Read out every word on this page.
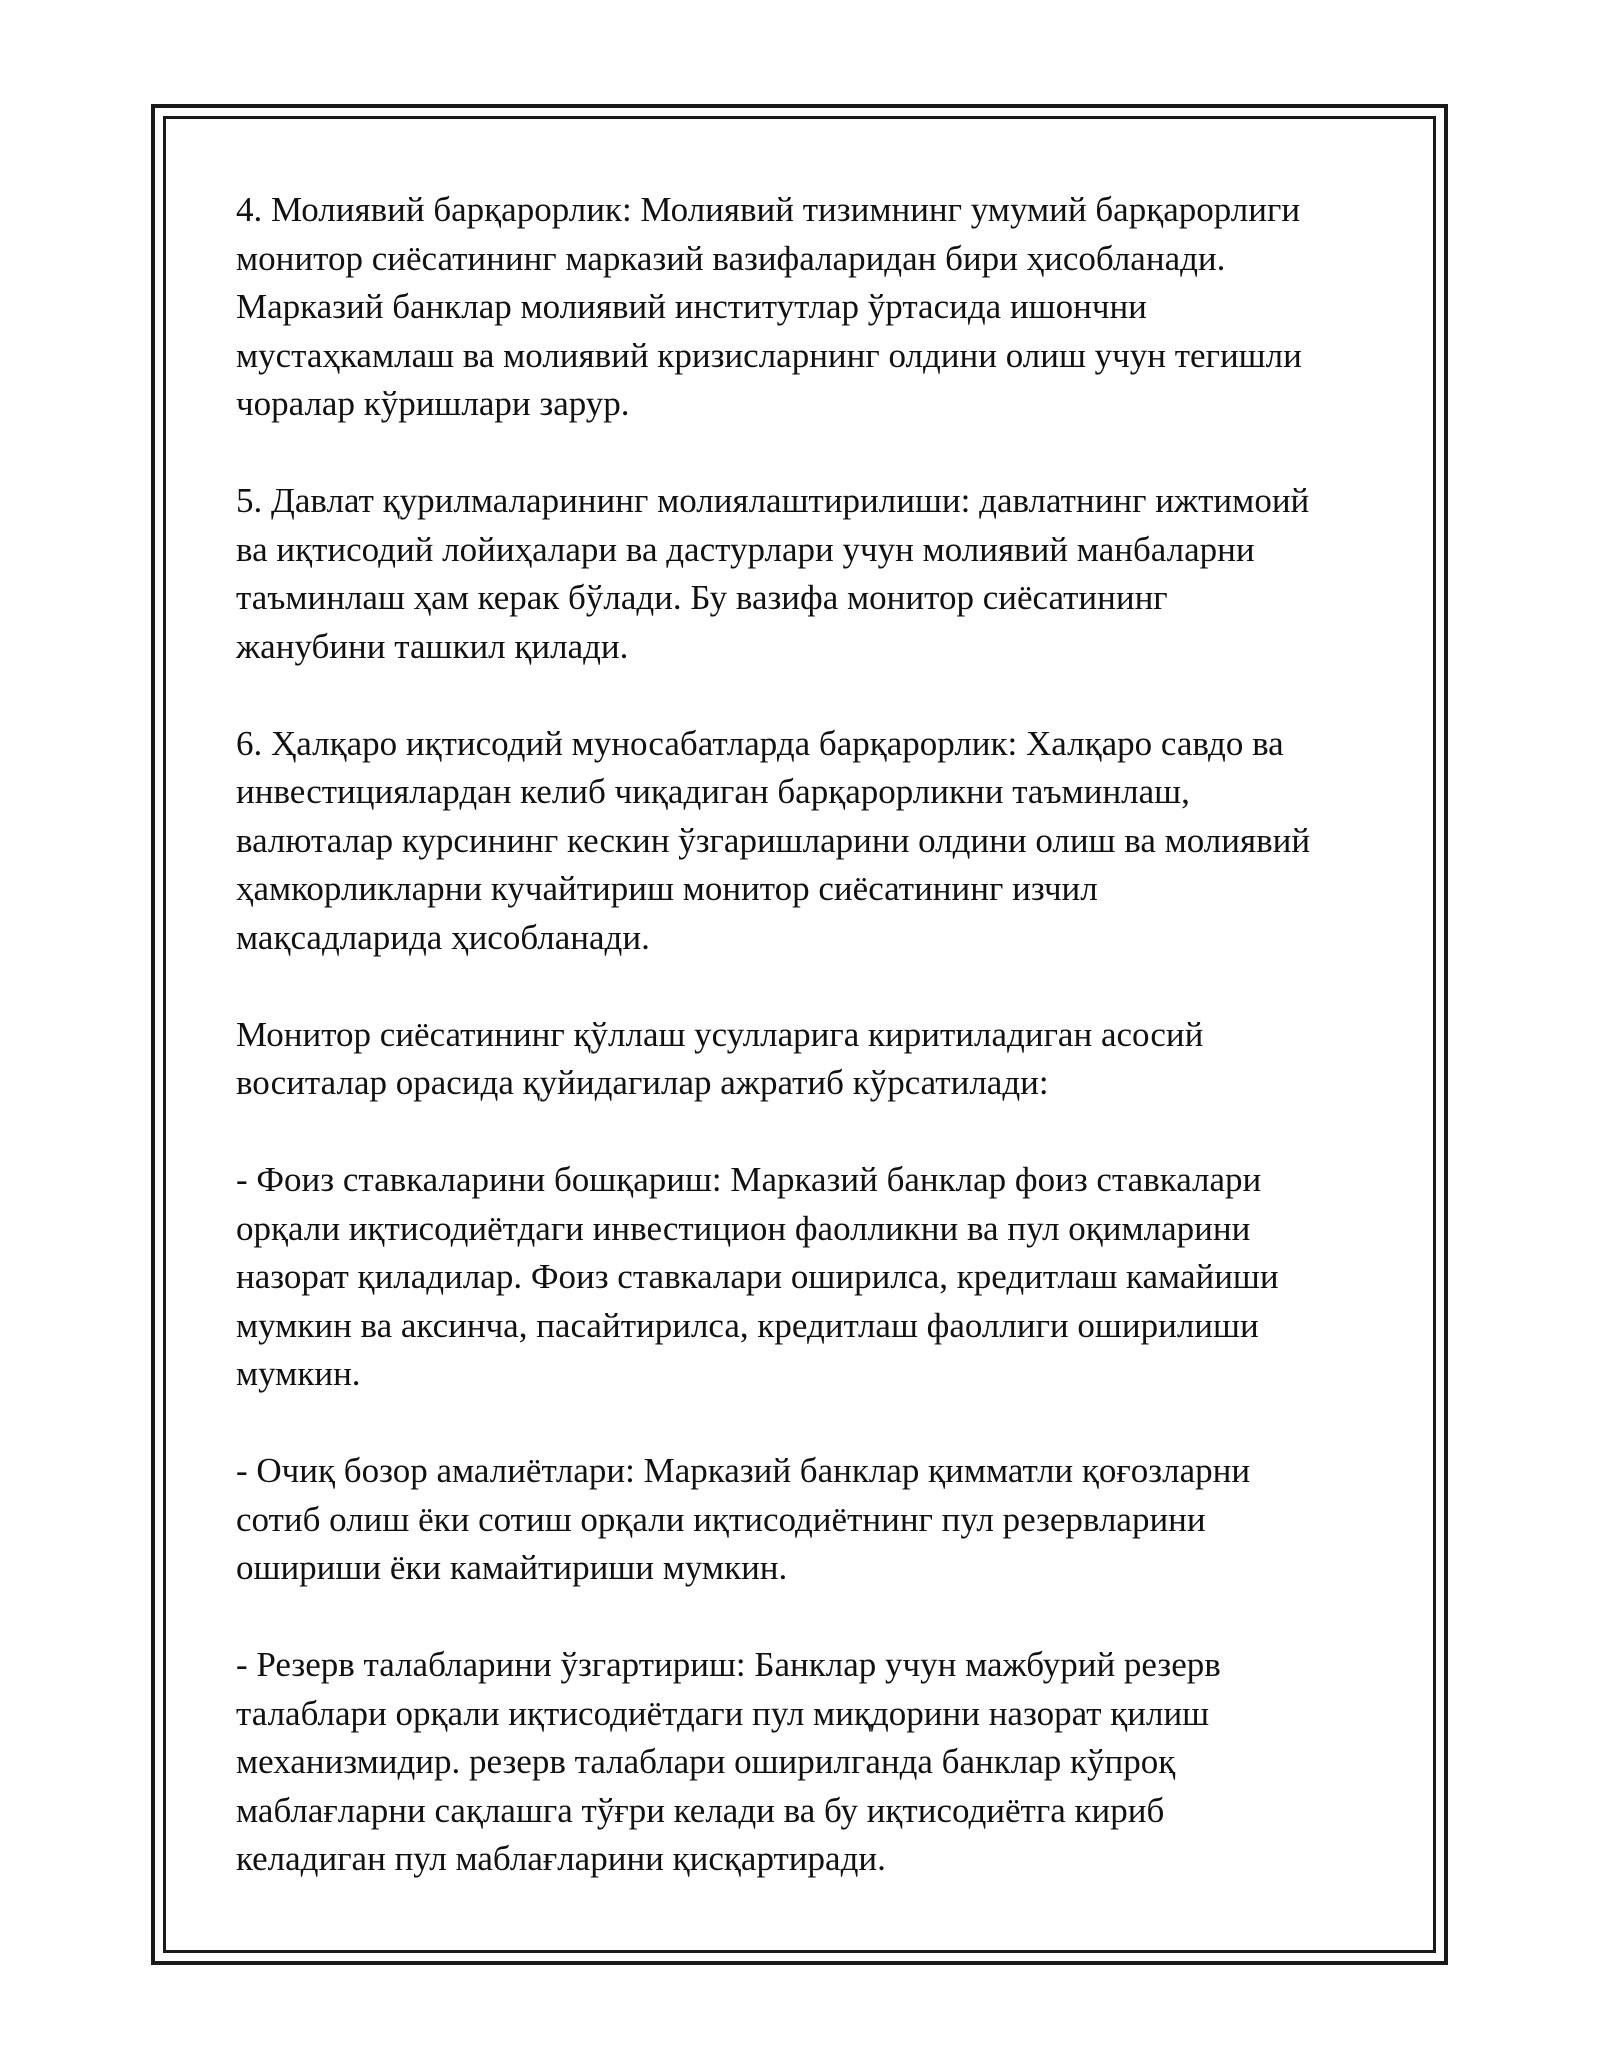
4. Молиявий барқарорлик: Молиявий тизимнинг умумий барқарорлиги
монитор сиёсатининг марказий вазифаларидан бири ҳисобланади.
Марказий банклар молиявий институтлар ўртасида ишончни
мустаҳкамлаш ва молиявий кризисларнинг олдини олиш учун тегишли
чоралар кўришлари зарур.

5. Давлат қурилмаларининг молиялаштирилиши: давлатнинг ижтимоий
ва иқтисодий лойиҳалари ва дастурлари учун молиявий манбаларни
таъминлаш ҳам керак бўлади. Бу вазифа монитор сиёсатининг
жанубини ташкил қилади.

6. Ҳалқаро иқтисодий муносабатларда барқарорлик: Халқаро савдо ва
инвестициялардан келиб чиқадиган барқарорликни таъминлаш,
валюталар курсининг кескин ўзгаришларини олдини олиш ва молиявий
ҳамкорликларни кучайтириш монитор сиёсатининг изчил
мақсадларида ҳисобланади.

Монитор сиёсатининг қўллаш усулларига киритиладиган асосий
воситалар орасида қуйидагилар ажратиб кўрсатилади:

- Фоиз ставкаларини бошқариш: Марказий банклар фоиз ставкалари
орқали иқтисодиётдаги инвестицион фаолликни ва пул оқимларини
назорат қиладилар. Фоиз ставкалари оширилса, кредитлаш камайиши
мумкин ва аксинча, пасайтирилса, кредитлаш фаоллиги оширилиши
мумкин.

- Очиқ бозор амалиётлари: Марказий банклар қимматли қоғозларни
сотиб олиш ёки сотиш орқали иқтисодиётнинг пул резервларини
ошириши ёки камайтириши мумкин.

- Резерв талабларини ўзгартириш: Банклар учун мажбурий резерв
талаблари орқали иқтисодиётдаги пул миқдорини назорат қилиш
механизмидир. резерв талаблари оширилганда банклар кўпроқ
маблағларни сақлашга тўғри келади ва бу иқтисодиётга кириб
келадиган пул маблағларини қисқартиради.
